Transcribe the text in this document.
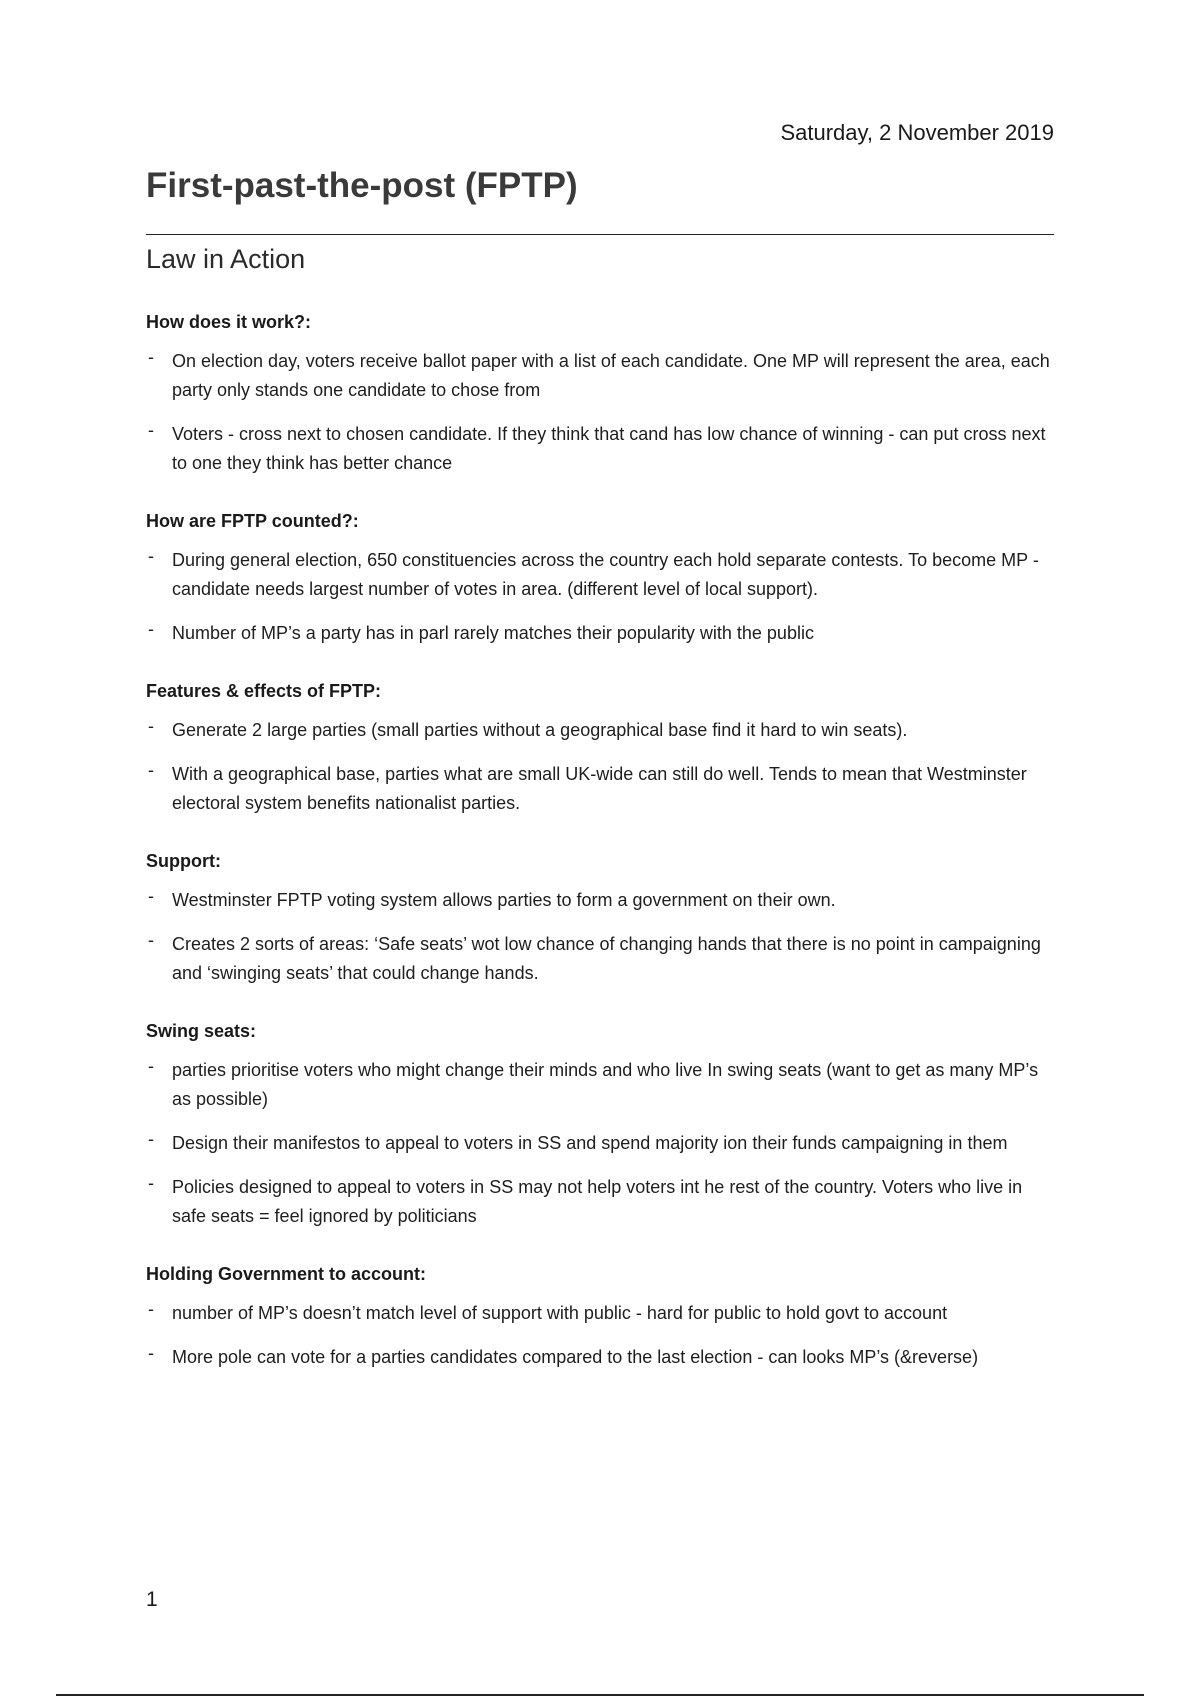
Saturday, 2 November 2019
First-past-the-post (FPTP)
Law in Action
How does it work?:
- On election day, voters receive ballot paper with a list of each candidate. One MP will represent the area, each party only stands one candidate to chose from
- Voters - cross next to chosen candidate. If they think that cand has low chance of winning - can put cross next to one they think has better chance
How are FPTP counted?:
- During general election, 650 constituencies across the country each hold separate contests. To become MP - candidate needs largest number of votes in area. (different level of local support).
- Number of MP’s a party has in parl rarely matches their popularity with the public
Features & effects of FPTP:
- Generate 2 large parties (small parties without a geographical base find it hard to win seats).
- With a geographical base, parties what are small UK-wide can still do well. Tends to mean that Westminster electoral system benefits nationalist parties.
Support:
- Westminster FPTP voting system allows parties to form a government on their own.
- Creates 2 sorts of areas: ‘Safe seats’ wot low chance of changing hands that there is no point in campaigning and ‘swinging seats’ that could change hands.
Swing seats:
- parties prioritise voters who might change their minds and who live In swing seats (want to get as many MP’s as possible)
- Design their manifestos to appeal to voters in SS and spend majority ion their funds campaigning in them
- Policies designed to appeal to voters in SS may not help voters int he rest of the country. Voters who live in safe seats = feel ignored by politicians
Holding Government to account:
- number of MP’s doesn’t match level of support with public - hard for public to hold govt to account
- More pole can vote for a parties candidates compared to the last election - can looks MP’s (&reverse)
1
